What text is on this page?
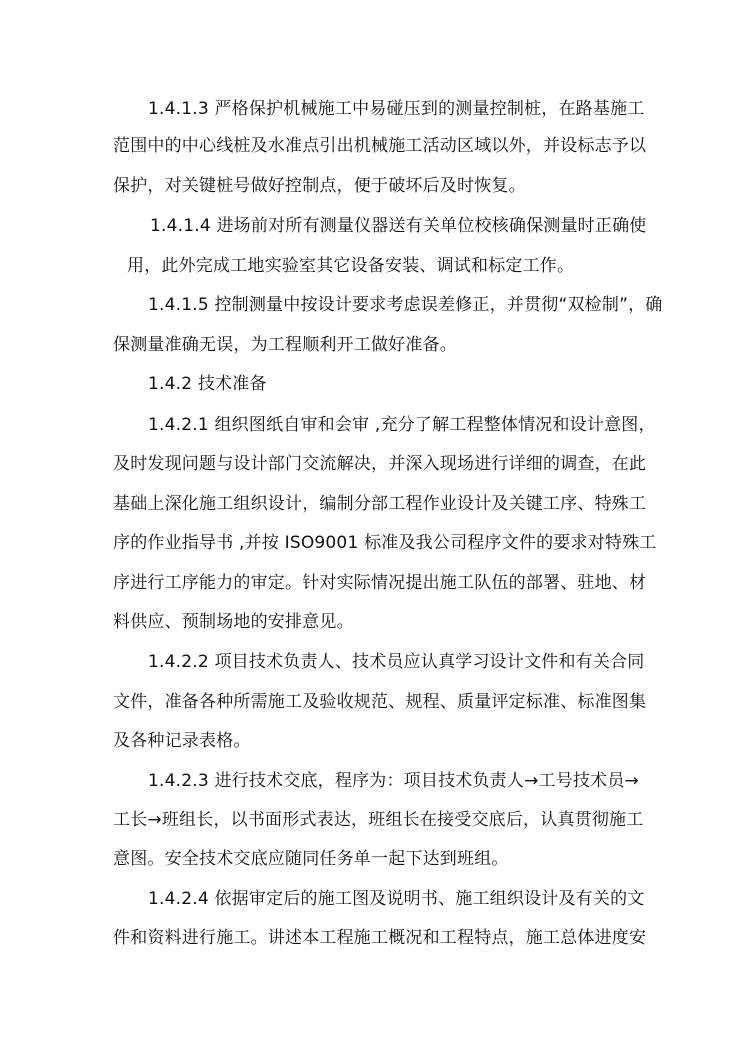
1.4.1.3 严格保护机械施工中易碰压到的测量控制桩，在路基施工
范围中的中心线桩及水准点引出机械施工活动区域以外，并设标志予以
保护，对关键桩号做好控制点，便于破坏后及时恢复。
1.4.1.4 进场前对所有测量仪器送有关单位校核确保测量时正确使
用，此外完成工地实验室其它设备安装、调试和标定工作。
1.4.1.5 控制测量中按设计要求考虑误差修正，并贯彻“双检制”，确
保测量准确无误，为工程顺利开工做好准备。
1.4.2 技术准备
1.4.2.1 组织图纸自审和会审 ,充分了解工程整体情况和设计意图，
及时发现问题与设计部门交流解决，并深入现场进行详细的调查，在此
基础上深化施工组织设计，编制分部工程作业设计及关键工序、特殊工
序的作业指导书 ,并按 ISO9001 标准及我公司程序文件的要求对特殊工
序进行工序能力的审定。针对实际情况提出施工队伍的部署、驻地、材
料供应、预制场地的安排意见。
1.4.2.2 项目技术负责人、技术员应认真学习设计文件和有关合同
文件，准备各种所需施工及验收规范、规程、质量评定标准、标准图集
及各种记录表格。
1.4.2.3 进行技术交底，程序为：项目技术负责人→工号技术员→
工长→班组长，以书面形式表达，班组长在接受交底后，认真贯彻施工
意图。安全技术交底应随同任务单一起下达到班组。
1.4.2.4 依据审定后的施工图及说明书、施工组织设计及有关的文
件和资料进行施工。讲述本工程施工概况和工程特点，施工总体进度安
